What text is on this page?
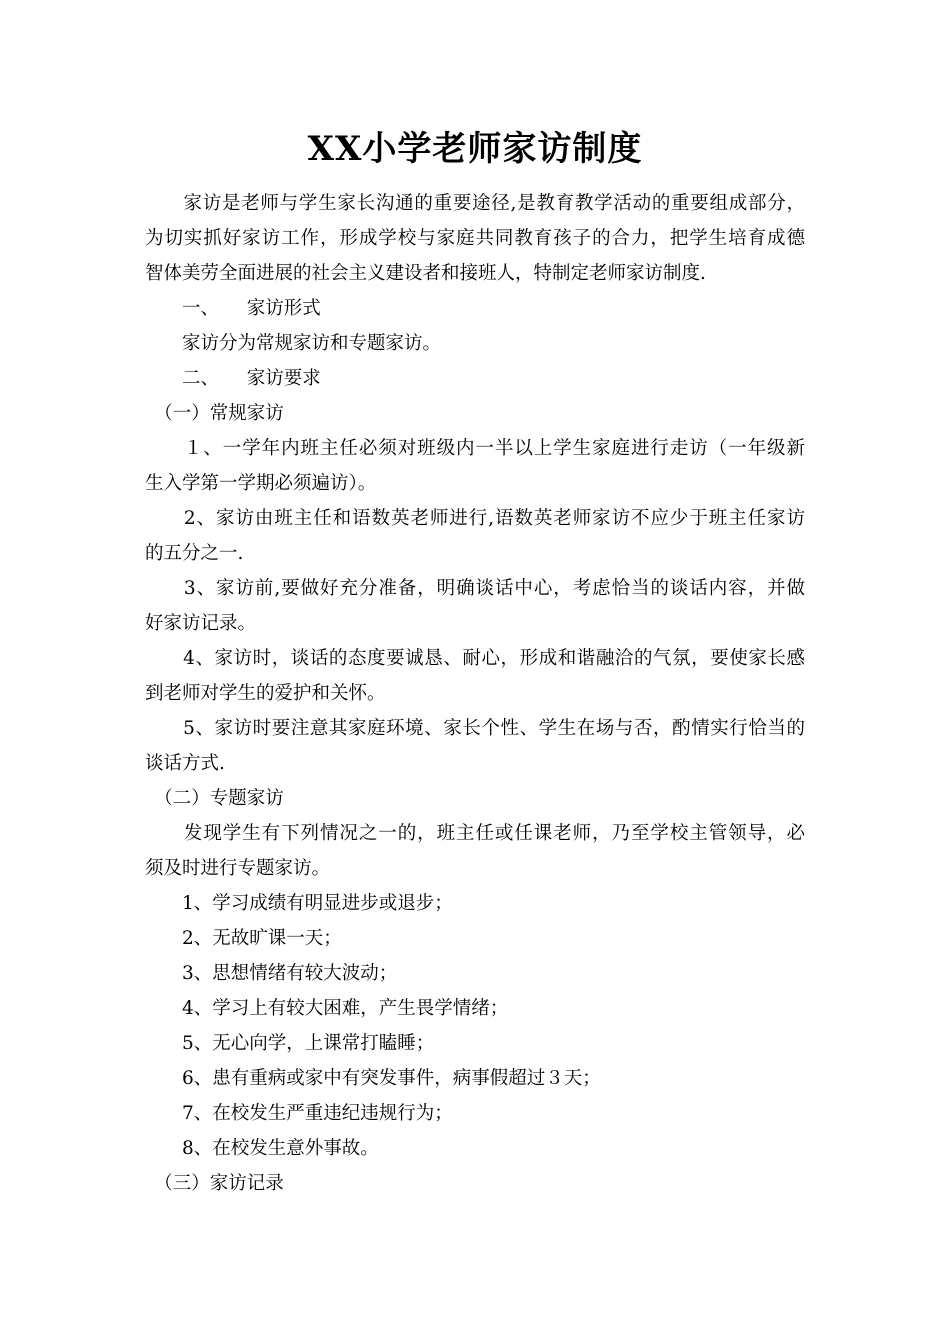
XX小学老师家访制度
　　家访是老师与学生家长沟通的重要途径,是教育教学活动的重要组成部分，
为切实抓好家访工作，形成学校与家庭共同教育孩子的合力，把学生培育成德
智体美劳全面进展的社会主义建设者和接班人，特制定老师家访制度.
　　一、　　家访形式
　　家访分为常规家访和专题家访。
　　二、　　家访要求
　（一）常规家访
　　１、一学年内班主任必须对班级内一半以上学生家庭进行走访（一年级新
生入学第一学期必须遍访）。
　　2、家访由班主任和语数英老师进行,语数英老师家访不应少于班主任家访
的五分之一.
　　3、家访前,要做好充分准备，明确谈话中心，考虑恰当的谈话内容，并做
好家访记录。
　　4、家访时，谈话的态度要诚恳、耐心，形成和谐融洽的气氛，要使家长感
到老师对学生的爱护和关怀。
　　5、家访时要注意其家庭环境、家长个性、学生在场与否，酌情实行恰当的
谈话方式.
　（二）专题家访
　　发现学生有下列情况之一的，班主任或任课老师，乃至学校主管领导，必
须及时进行专题家访。
　　1、学习成绩有明显进步或退步；
　　2、无故旷课一天；
　　3、思想情绪有较大波动；
　　4、学习上有较大困难，产生畏学情绪；
　　5、无心向学，上课常打瞌睡；
　　6、患有重病或家中有突发事件，病事假超过３天；
　　7、在校发生严重违纪违规行为；
　　8、在校发生意外事故。
　（三）家访记录
